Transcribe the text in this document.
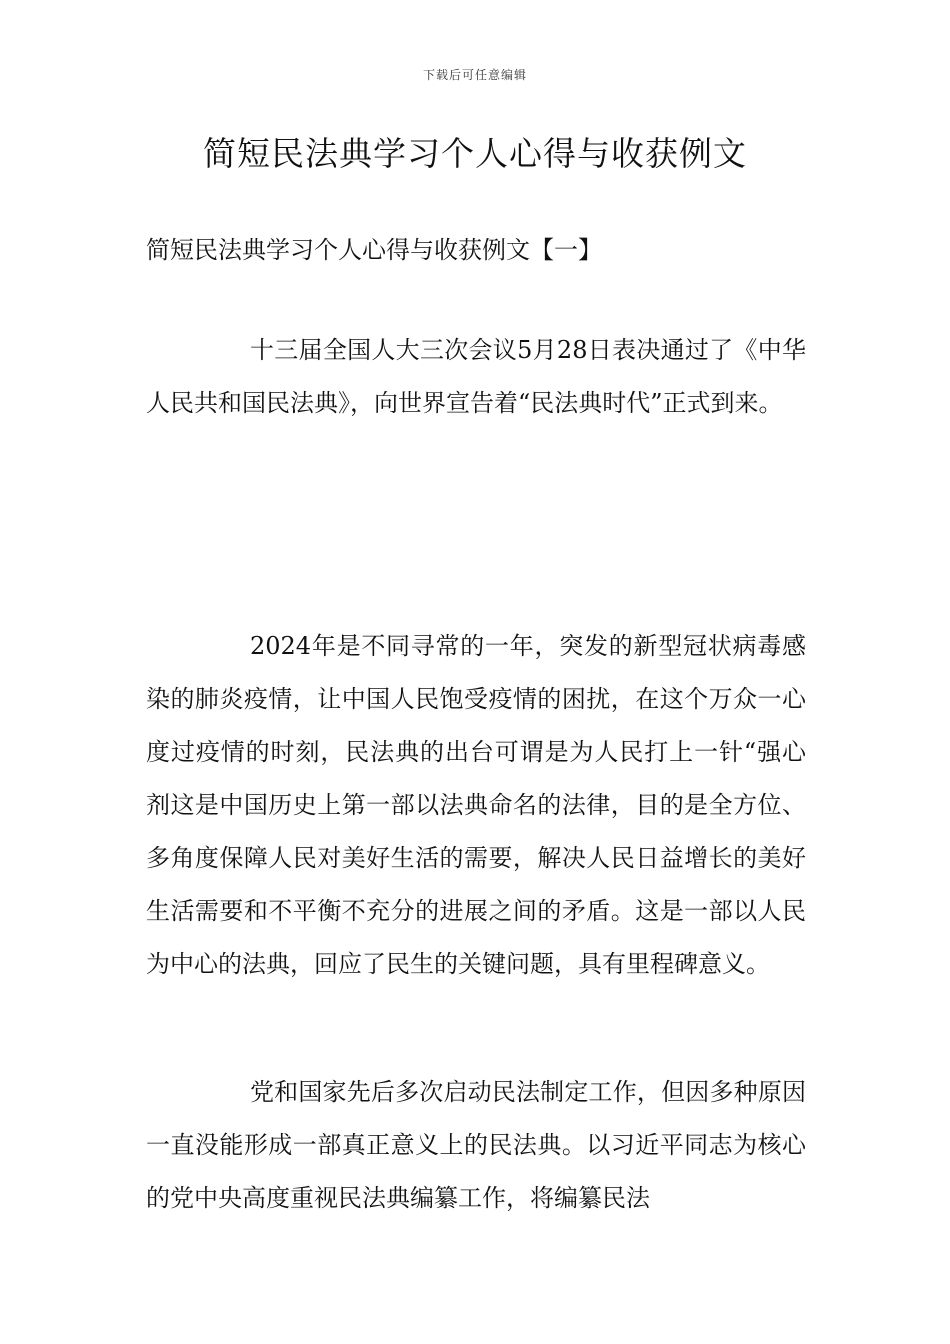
下载后可任意编辑
简短民法典学习个人心得与收获例文
简短民法典学习个人心得与收获例文【一】

十三届全国人大三次会议5月28日表决通过了《中华人民共和国民法典》，向世界宣告着“民法典时代”正式到来。

2024年是不同寻常的一年，突发的新型冠状病毒感染的肺炎疫情，让中国人民饱受疫情的困扰，在这个万众一心度过疫情的时刻，民法典的出台可谓是为人民打上一针“强心剂这是中国历史上第一部以法典命名的法律，目的是全方位、多角度保障人民对美好生活的需要，解决人民日益增长的美好生活需要和不平衡不充分的进展之间的矛盾。这是一部以人民为中心的法典，回应了民生的关键问题，具有里程碑意义。

党和国家先后多次启动民法制定工作，但因多种原因一直没能形成一部真正意义上的民法典。以习近平同志为核心的党中央高度重视民法典编纂工作，将编纂民法
